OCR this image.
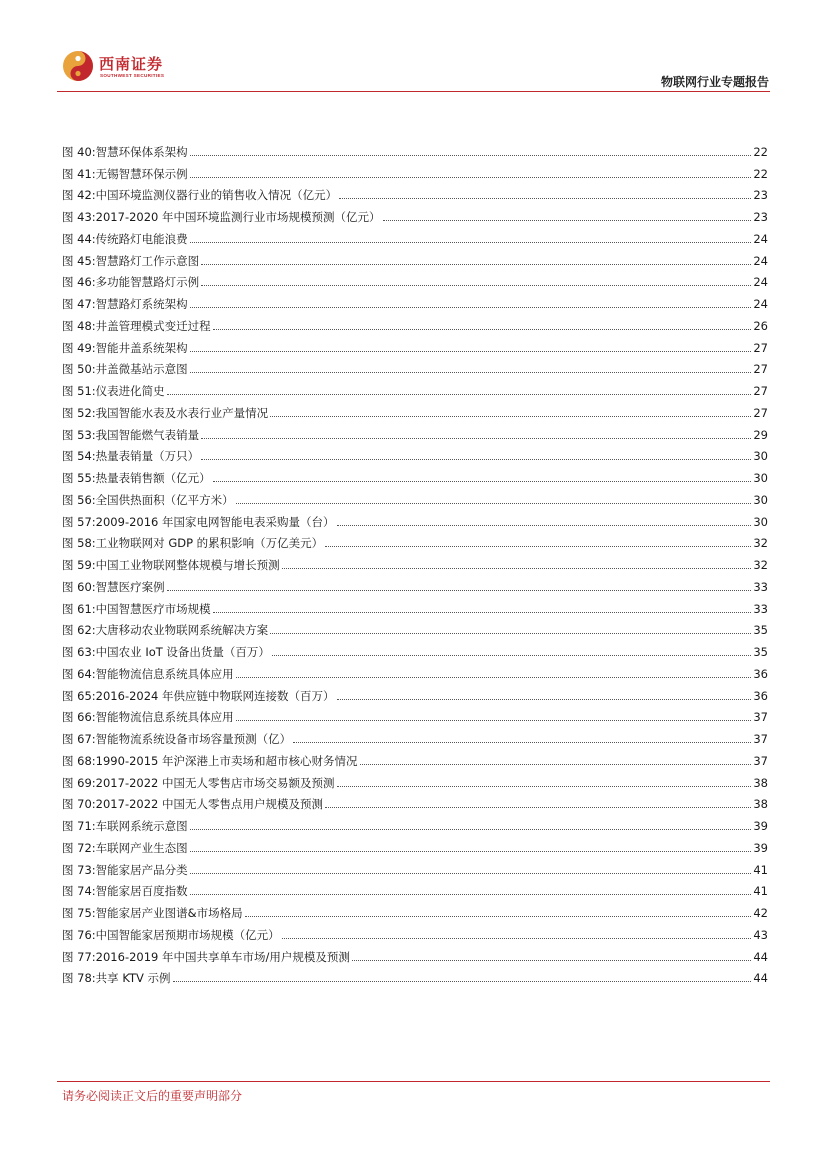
西南证券
SOUTHWEST SECURITIES	物联网行业专题报告
图 40: 智慧环保体系架构	22
图 41: 无锡智慧环保示例	22
图 42: 中国环境监测仪器行业的销售收入情况（亿元）	23
图 43: 2017-2020 年中国环境监测行业市场规模预测（亿元）	23
图 44: 传统路灯电能浪费	24
图 45: 智慧路灯工作示意图	24
图 46: 多功能智慧路灯示例	24
图 47: 智慧路灯系统架构	24
图 48: 井盖管理模式变迁过程	26
图 49: 智能井盖系统架构	27
图 50: 井盖微基站示意图	27
图 51: 仪表进化简史	27
图 52: 我国智能水表及水表行业产量情况	27
图 53: 我国智能燃气表销量	29
图 54: 热量表销量（万只）	30
图 55: 热量表销售额（亿元）	30
图 56: 全国供热面积（亿平方米）	30
图 57: 2009-2016 年国家电网智能电表采购量（台）	30
图 58: 工业物联网对 GDP 的累积影响（万亿美元）	32
图 59: 中国工业物联网整体规模与增长预测	32
图 60: 智慧医疗案例	33
图 61: 中国智慧医疗市场规模	33
图 62: 大唐移动农业物联网系统解决方案	35
图 63: 中国农业 IoT 设备出货量（百万）	35
图 64: 智能物流信息系统具体应用	36
图 65: 2016-2024 年供应链中物联网连接数（百万）	36
图 66: 智能物流信息系统具体应用	37
图 67: 智能物流系统设备市场容量预测（亿）	37
图 68: 1990-2015 年沪深港上市卖场和超市核心财务情况	37
图 69: 2017-2022 中国无人零售店市场交易额及预测	38
图 70: 2017-2022 中国无人零售点用户规模及预测	38
图 71: 车联网系统示意图	39
图 72: 车联网产业生态图	39
图 73: 智能家居产品分类	41
图 74: 智能家居百度指数	41
图 75: 智能家居产业图谱&市场格局	42
图 76: 中国智能家居预期市场规模（亿元）	43
图 77: 2016-2019 年中国共享单车市场/用户规模及预测	44
图 78: 共享 KTV 示例	44
请务必阅读正文后的重要声明部分
